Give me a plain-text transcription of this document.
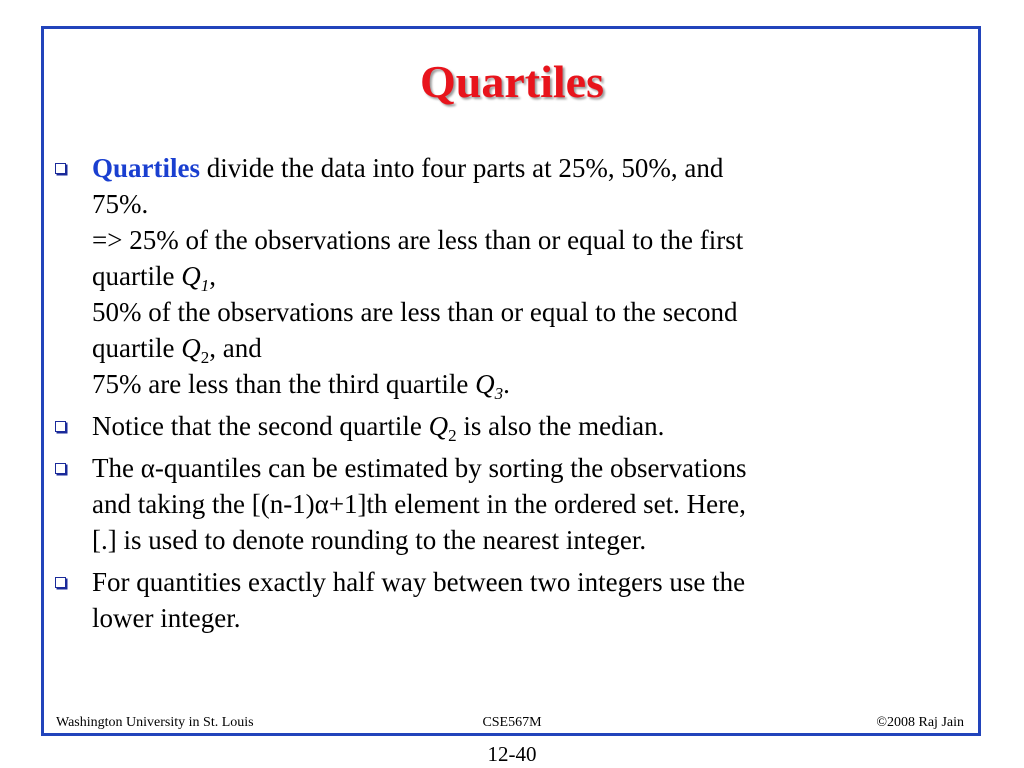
Quartiles
Quartiles divide the data into four parts at 25%, 50%, and
75%.
=> 25% of the observations are less than or equal to the first
quartile $Q_1$,
50% of the observations are less than or equal to the second
quartile $Q_2$, and
75% are less than the third quartile $Q_3$.
Notice that the second quartile $Q_2$ is also the median.
The α-quantiles can be estimated by sorting the observations
and taking the [(n-1)α+1]th element in the ordered set. Here,
[.] is used to denote rounding to the nearest integer.
For quantities exactly half way between two integers use the
lower integer.
Washington University in St. Louis	CSE567M	©2008 Raj Jain
12-40
